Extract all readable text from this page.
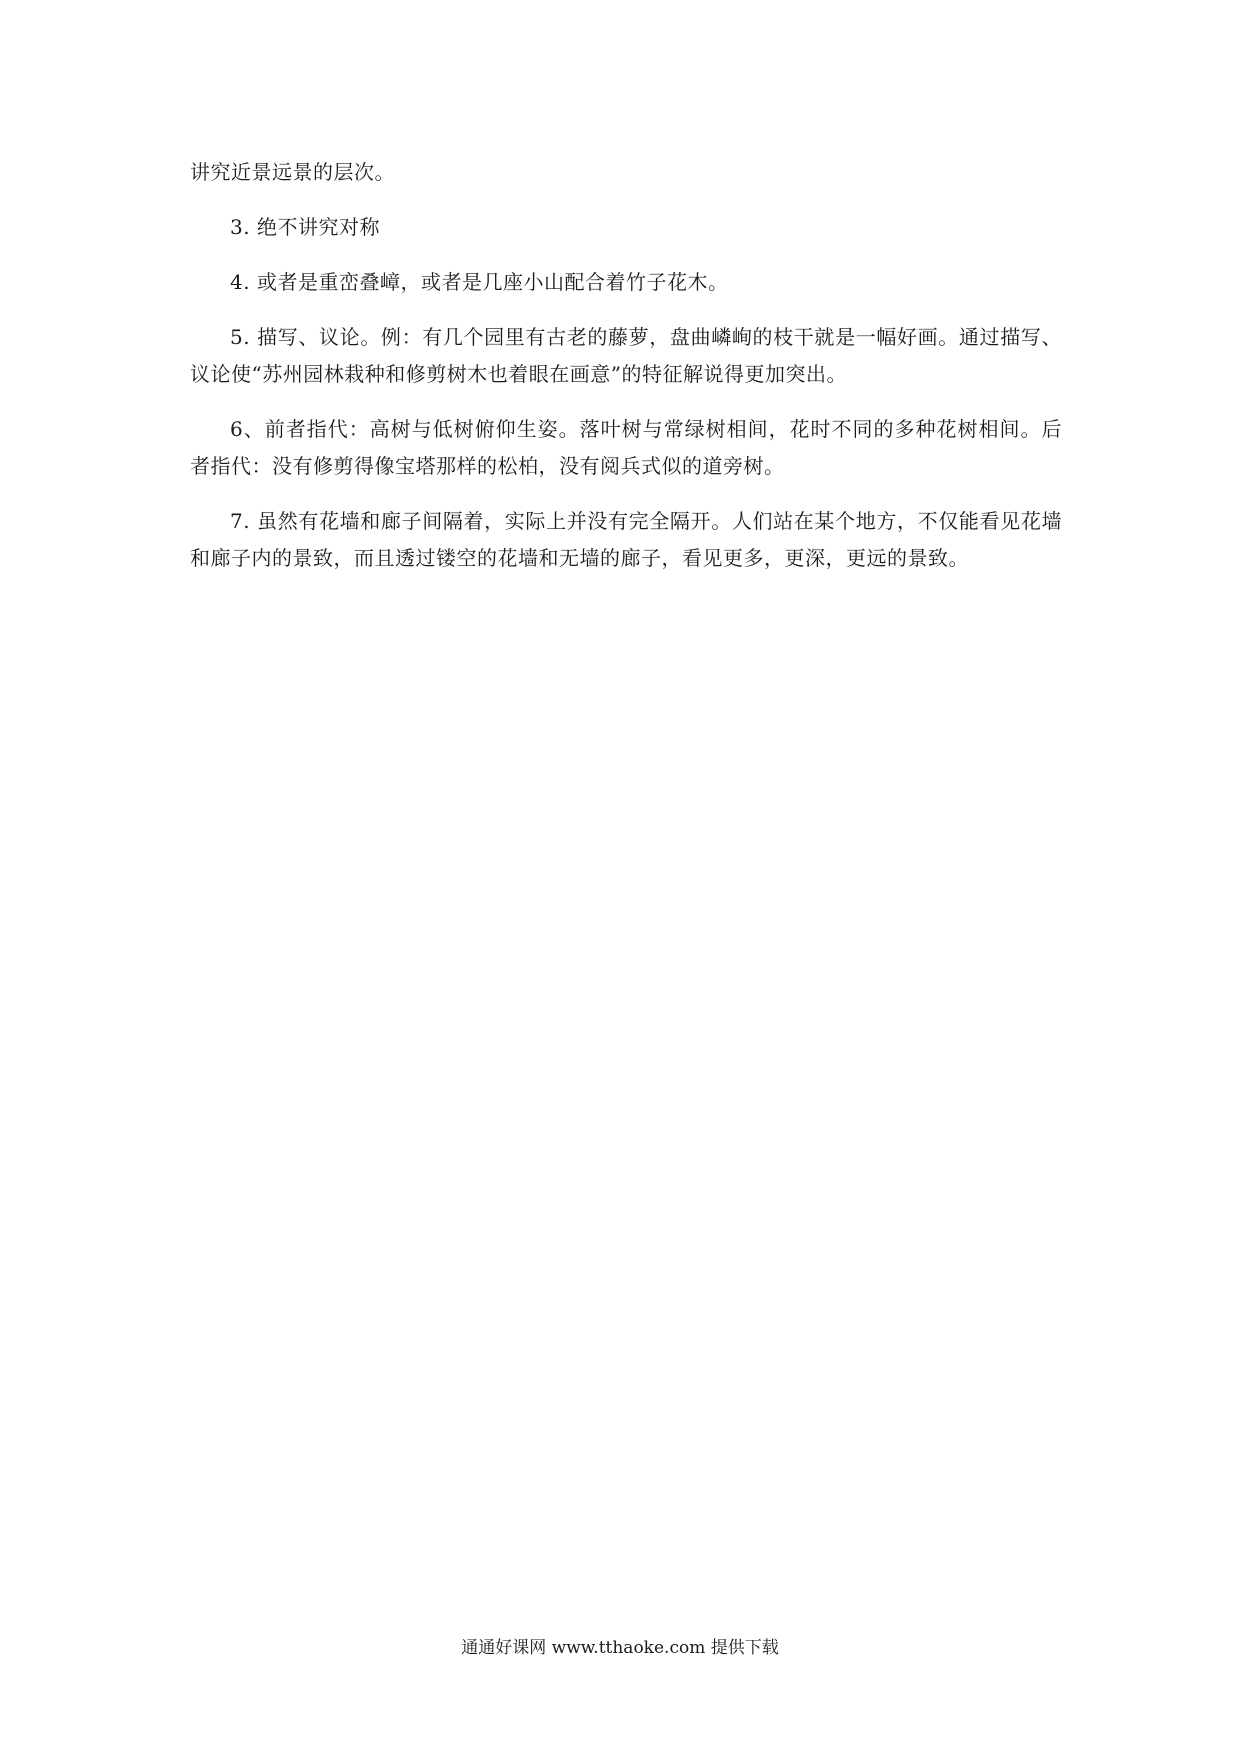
讲究近景远景的层次。

3. 绝不讲究对称

4. 或者是重峦叠嶂，或者是几座小山配合着竹子花木。

5. 描写、议论。例：有几个园里有古老的藤萝，盘曲嶙峋的枝干就是一幅好画。通过描写、议论使“苏州园林栽种和修剪树木也着眼在画意”的特征解说得更加突出。

6、前者指代：高树与低树俯仰生姿。落叶树与常绿树相间，花时不同的多种花树相间。后者指代：没有修剪得像宝塔那样的松柏，没有阅兵式似的道旁树。

7. 虽然有花墙和廊子间隔着，实际上并没有完全隔开。人们站在某个地方，不仅能看见花墙和廊子内的景致，而且透过镂空的花墙和无墙的廊子，看见更多，更深，更远的景致。

通通好课网 www.tthaoke.com 提供下载
